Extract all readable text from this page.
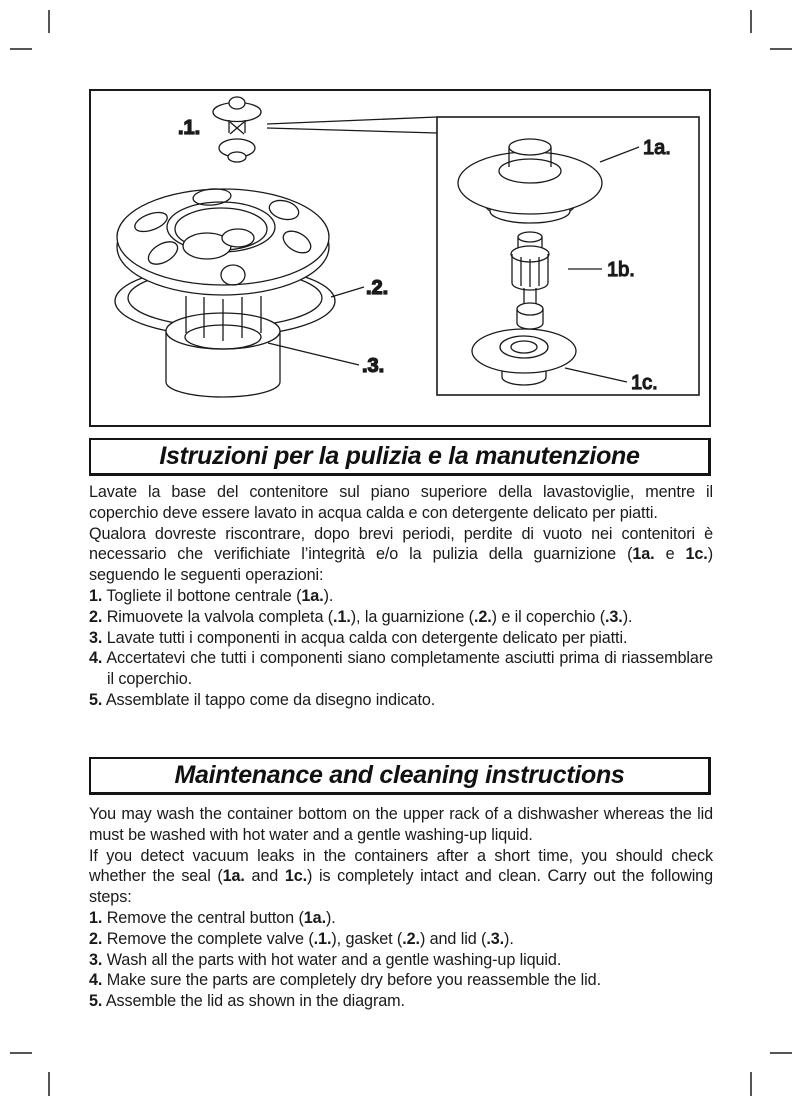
.1.
.2.
.3.
1a.
1b.
1c.
Istruzioni per la pulizia e la manutenzione
Lavate la base del contenitore sul piano superiore della lavastoviglie, mentre il coperchio deve essere lavato in acqua calda e con detergente delicato per piatti.
Qualora dovreste riscontrare, dopo brevi periodi, perdite di vuoto nei contenitori è necessario che verifichiate l’integrità e/o la pulizia della guarnizione (1a. e 1c.) seguendo le seguenti operazioni:
1. Togliete il bottone centrale (1a.).
2. Rimuovete la valvola completa (.1.), la guarnizione (.2.) e il coperchio (.3.).
3. Lavate tutti i componenti in acqua calda con detergente delicato per piatti.
4. Accertatevi che tutti i componenti siano completamente asciutti prima di riassemblare il coperchio.
5. Assemblate il tappo come da disegno indicato.
Maintenance and cleaning instructions
You may wash the container bottom on the upper rack of a dishwasher whereas the lid must be washed with hot water and a gentle washing-up liquid.
If you detect vacuum leaks in the containers after a short time, you should check whether the seal (1a. and 1c.) is completely intact and clean. Carry out the following steps:
1. Remove the central button (1a.).
2. Remove the complete valve (.1.), gasket (.2.) and lid (.3.).
3. Wash all the parts with hot water and a gentle washing-up liquid.
4. Make sure the parts are completely dry before you reassemble the lid.
5. Assemble the lid as shown in the diagram.
